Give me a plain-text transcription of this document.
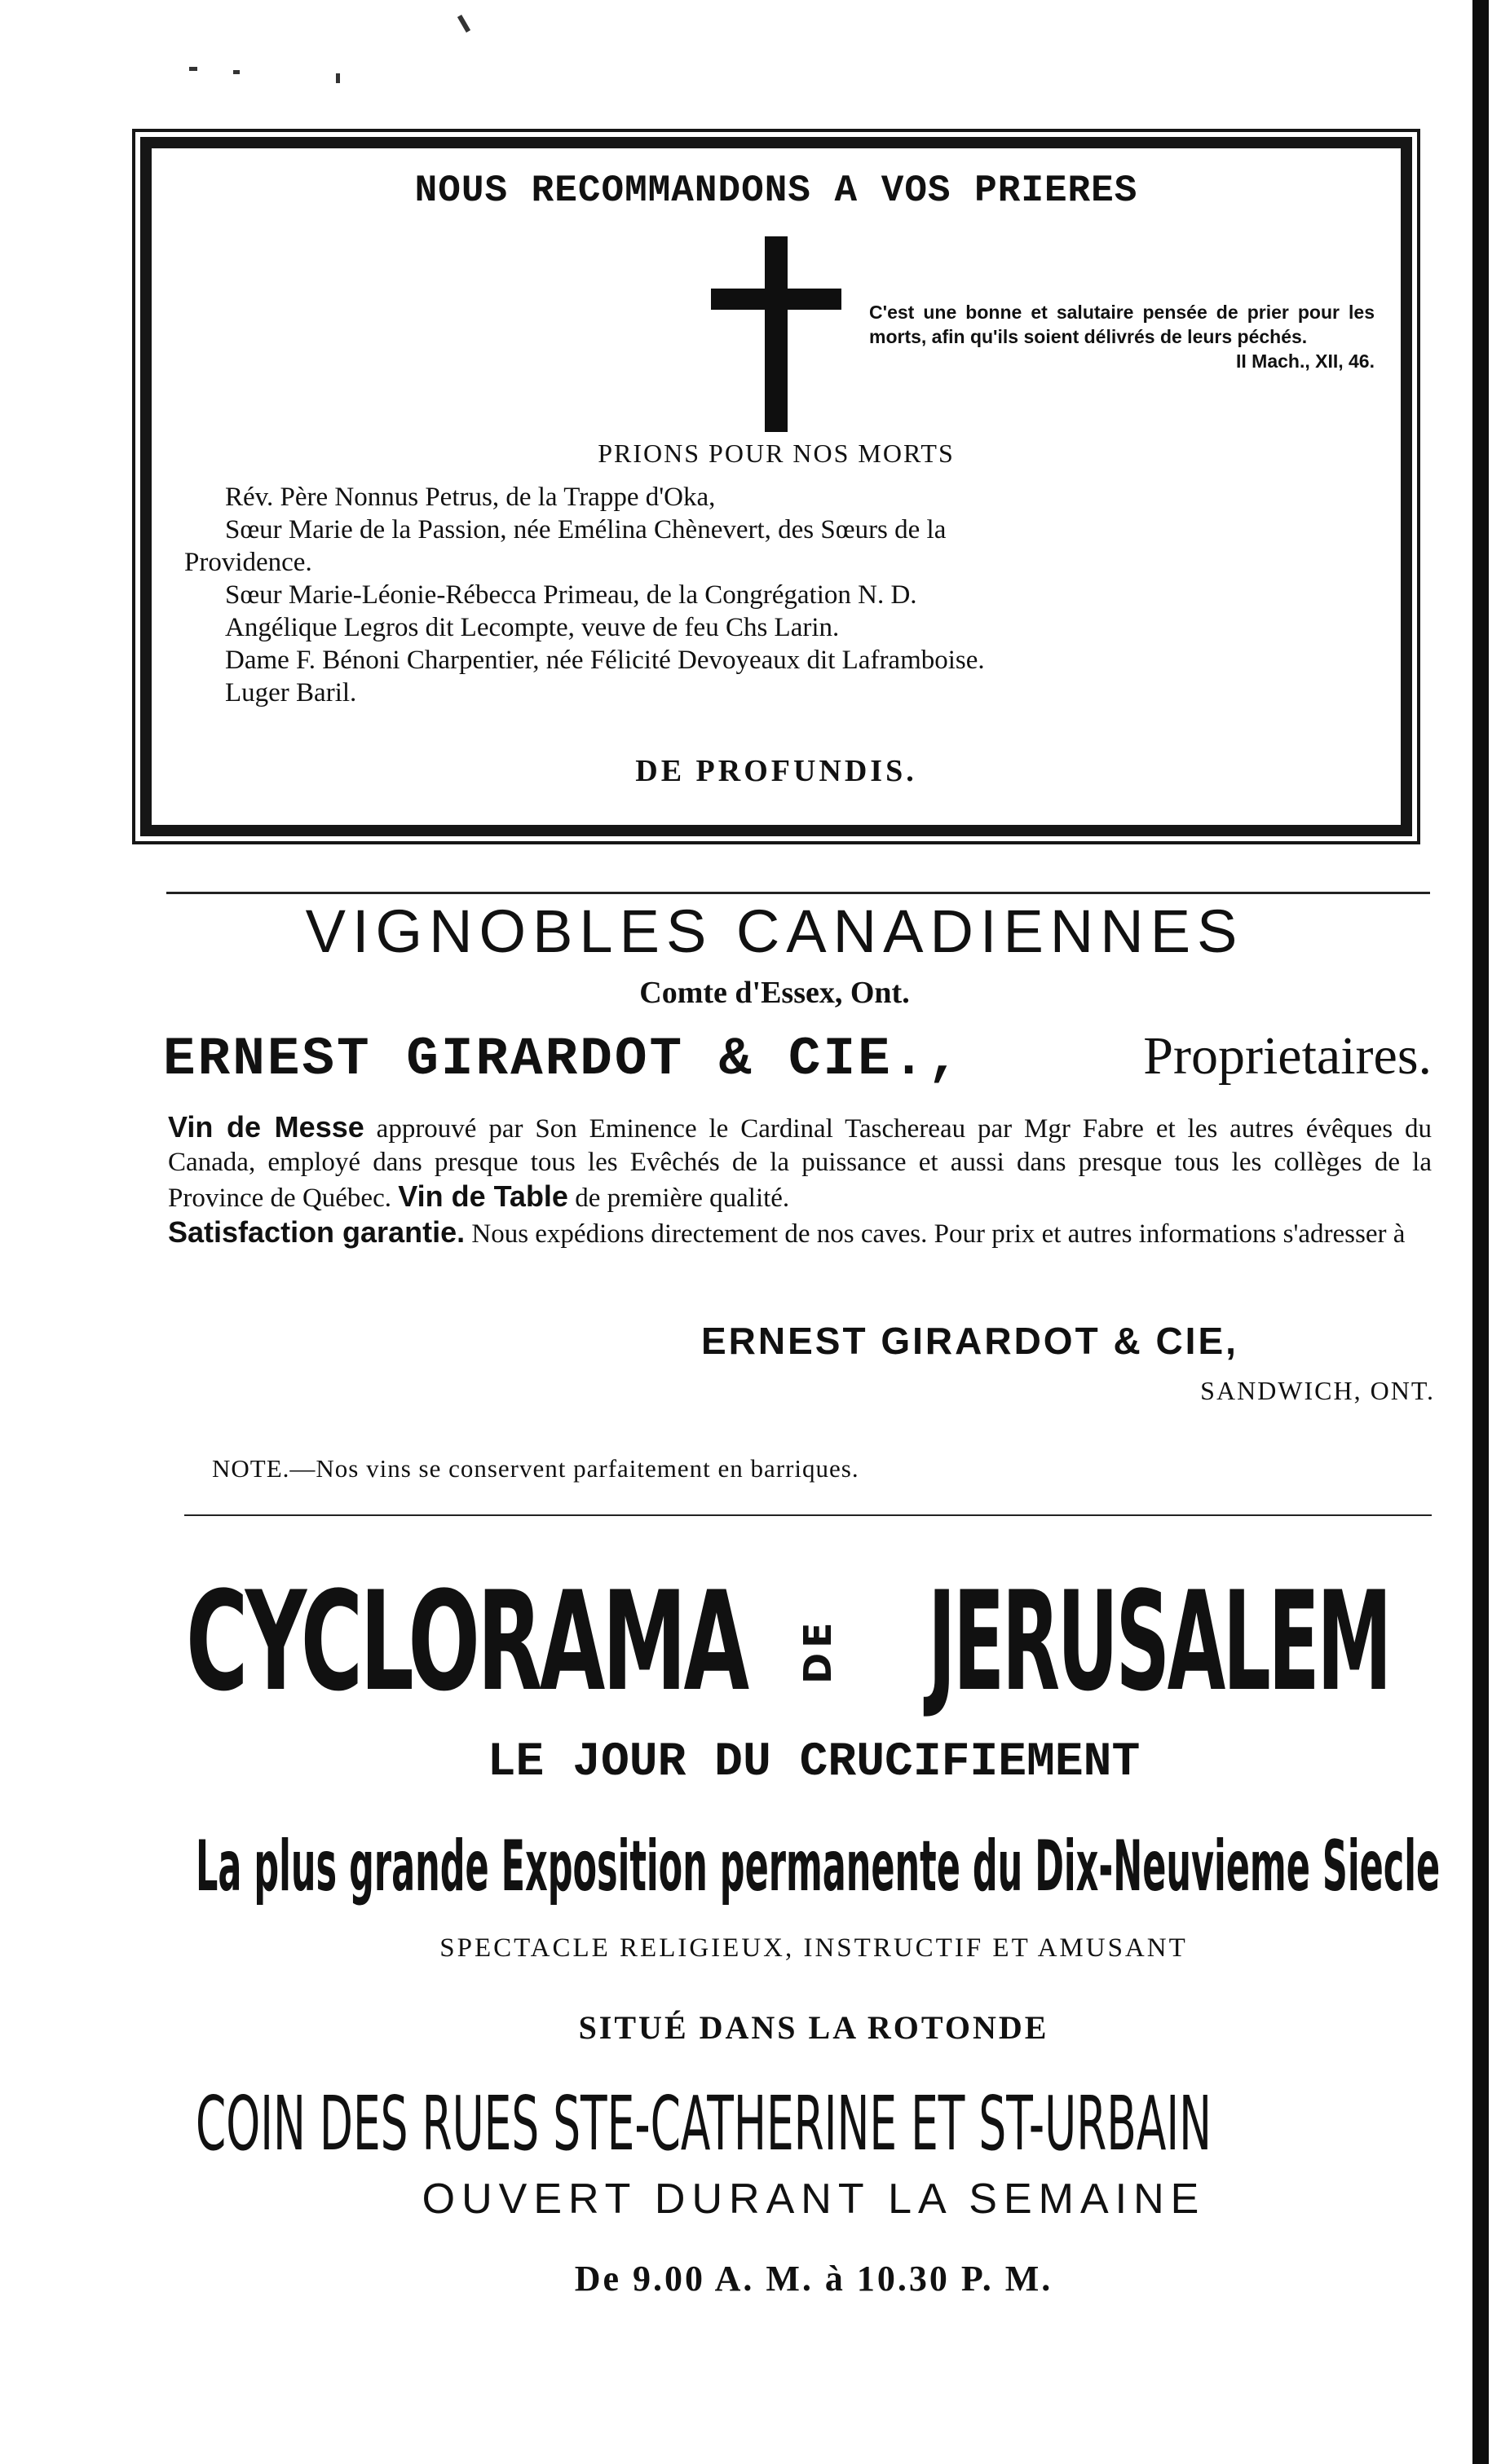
NOUS RECOMMANDONS A VOS PRIERES
C'est une bonne et salutaire pensée de prier pour les morts, afin qu'ils soient délivrés de leurs péchés.
II Mach., XII, 46.
PRIONS POUR NOS MORTS
Rév. Père Nonnus Petrus, de la Trappe d'Oka,
Sœur Marie de la Passion, née Emélina Chènevert, des Sœurs de la
Providence.
Sœur Marie-Léonie-Rébecca Primeau, de la Congrégation N. D.
Angélique Legros dit Lecompte, veuve de feu Chs Larin.
Dame F. Bénoni Charpentier, née Félicité Devoyeaux dit Laframboise.
Luger Baril.
DE PROFUNDIS.
VIGNOBLES CANADIENNES
Comte d'Essex, Ont.
ERNEST GIRARDOT & CIE.,	Proprietaires.
Vin de Messe approuvé par Son Eminence le Cardinal Taschereau par Mgr Fabre et les autres évêques du Canada, employé dans presque tous les Evêchés de la puissance et aussi dans presque tous les collèges de la Province de Québec. Vin de Table de première qualité.
Satisfaction garantie. Nous expédions directement de nos caves. Pour prix et autres informations s'adresser à
ERNEST GIRARDOT & CIE,
SANDWICH, ONT.
NOTE.—Nos vins se conservent parfaitement en barriques.
CYCLORAMA DE JERUSALEM
LE JOUR DU CRUCIFIEMENT
La plus grande Exposition permanente du Dix-Neuvieme Siecle
SPECTACLE RELIGIEUX, INSTRUCTIF ET AMUSANT
SITUÉ DANS LA ROTONDE
COIN DES RUES STE-CATHERINE ET ST-URBAIN
OUVERT DURANT LA SEMAINE
De 9.00 A. M. à 10.30 P. M.
